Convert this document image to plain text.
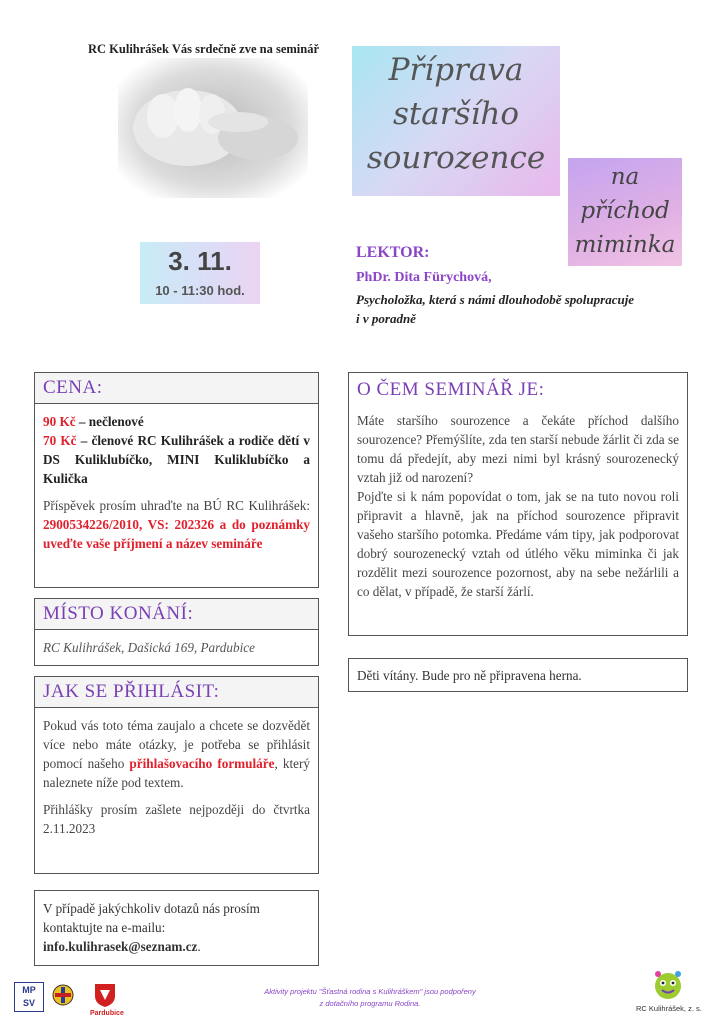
RC Kulihrášek Vás srdečně zve na seminář
Příprava
staršího
sourozence
na
příchod
miminka
3. 11.
10 - 11:30 hod.
LEKTOR:
PhDr. Dita Fürychová,
Psycholožka, která s námi dlouhodobě spolupracuje i v poradně
CENA:

90 Kč – nečlenové

70 Kč – členové RC Kulihrášek a rodiče dětí v DS Kuliklubíčko, MINI Kuliklubíčko a Kulička

Příspěvek prosím uhraďte na BÚ RC Kulihrášek: 2900534226/2010, VS: 202326 a do poznámky uveďte vaše příjmení a název semináře

MÍSTO KONÁNÍ:
RC Kulihrášek, Dašická 169, Pardubice
JAK SE PŘIHLÁSIT:

Pokud vás toto téma zaujalo a chcete se dozvědět více nebo máte otázky, je potřeba se přihlásit pomocí našeho přihlašovacího formuláře, který naleznete níže pod textem.

Přihlášky prosím zašlete nejpozději do čtvrtka 2.11.2023

V případě jakýchkoliv dotazů nás prosím kontaktujte na e-mailu:
info.kulihrasek@seznam.cz.
O ČEM SEMINÁŘ JE:

Máte staršího sourozence a čekáte příchod dalšího sourozence? Přemýšlíte, zda ten starší nebude žárlit či zda se tomu dá předejít, aby mezi nimi byl krásný sourozenecký vztah již od narození?

Pojďte si k nám popovídat o tom, jak se na tuto novou roli připravit a hlavně, jak na příchod sourozence připravit vašeho staršího potomka. Předáme vám tipy, jak podporovat dobrý sourozenecký vztah od útlého věku miminka či jak rozdělit mezi sourozence pozornost, aby na sebe nežárlili a co dělat, v případě, že starší žárlí.

Děti vítány. Bude pro ně připravena herna.
MP
SV
Pardubice
Aktivity projektu "Šťastná rodina s Kulihráškem" jsou podpořeny
z dotačního programu Rodina.
RC Kulihrášek, z. s.
